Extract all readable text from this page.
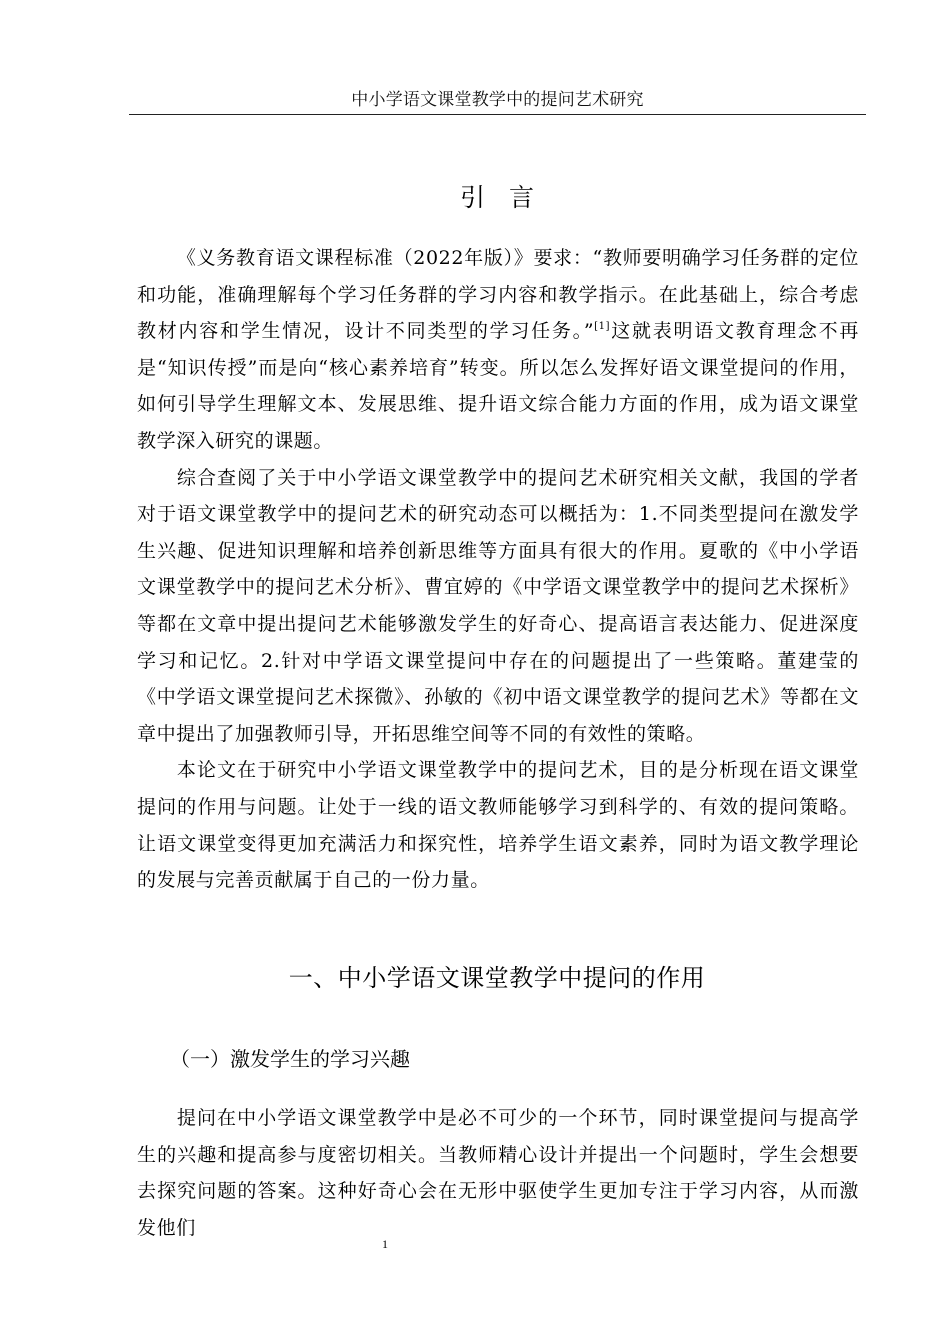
中小学语文课堂教学中的提问艺术研究
引言

《义务教育语文课程标准（2022年版）》要求：“教师要明确学习任务群的定位和功能，准确理解每个学习任务群的学习内容和教学指示。在此基础上，综合考虑教材内容和学生情况，设计不同类型的学习任务。”[1]这就表明语文教育理念不再是“知识传授”而是向“核心素养培育”转变。所以怎么发挥好语文课堂提问的作用，如何引导学生理解文本、发展思维、提升语文综合能力方面的作用，成为语文课堂教学深入研究的课题。

综合查阅了关于中小学语文课堂教学中的提问艺术研究相关文献，我国的学者对于语文课堂教学中的提问艺术的研究动态可以概括为：1.不同类型提问在激发学生兴趣、促进知识理解和培养创新思维等方面具有很大的作用。夏歌的《中小学语文课堂教学中的提问艺术分析》、曹宜婷的《中学语文课堂教学中的提问艺术探析》等都在文章中提出提问艺术能够激发学生的好奇心、提高语言表达能力、促进深度学习和记忆。2.针对中学语文课堂提问中存在的问题提出了一些策略。董建莹的《中学语文课堂提问艺术探微》、孙敏的《初中语文课堂教学的提问艺术》等都在文章中提出了加强教师引导，开拓思维空间等不同的有效性的策略。

本论文在于研究中小学语文课堂教学中的提问艺术，目的是分析现在语文课堂提问的作用与问题。让处于一线的语文教师能够学习到科学的、有效的提问策略。让语文课堂变得更加充满活力和探究性，培养学生语文素养，同时为语文教学理论的发展与完善贡献属于自己的一份力量。

一、中小学语文课堂教学中提问的作用
（一）激发学生的学习兴趣

提问在中小学语文课堂教学中是必不可少的一个环节，同时课堂提问与提高学生的兴趣和提高参与度密切相关。当教师精心设计并提出一个问题时，学生会想要去探究问题的答案。这种好奇心会在无形中驱使学生更加专注于学习内容，从而激发他们

1
